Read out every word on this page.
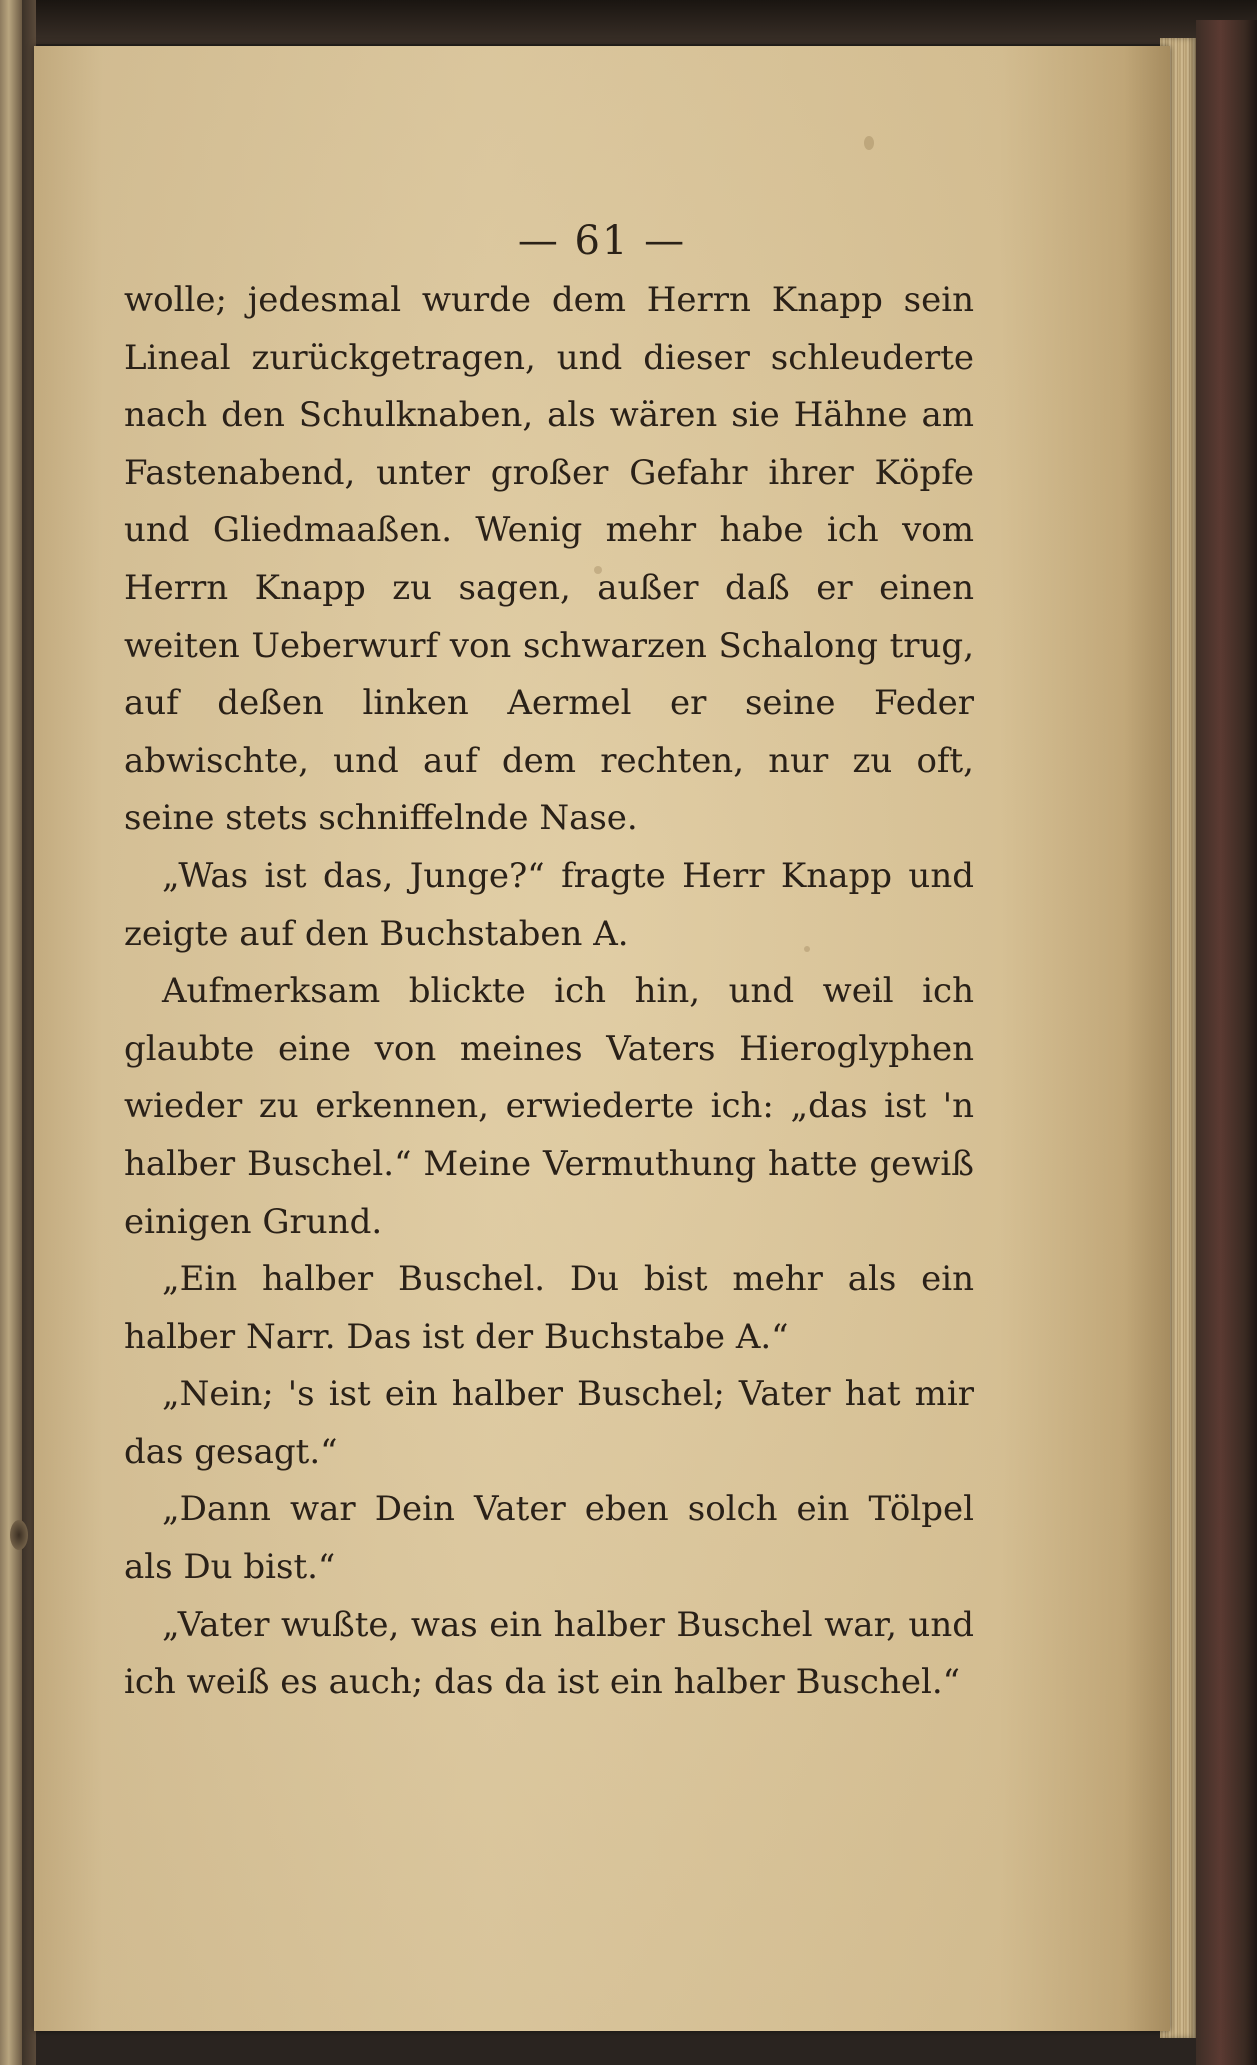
— 61 —

wolle; jedesmal wurde dem Herrn Knapp sein Lineal zurückgetragen, und dieser schleuderte nach den Schulknaben, als wären sie Hähne am Fastenabend, unter großer Gefahr ihrer Köpfe und Gliedmaaßen. Wenig mehr habe ich vom Herrn Knapp zu sagen, außer daß er einen weiten Ueberwurf von schwarzen Schalong trug, auf deßen linken Aermel er seine Feder abwischte, und auf dem rechten, nur zu oft, seine stets schniffelnde Nase.

„Was ist das, Junge?“ fragte Herr Knapp und zeigte auf den Buchstaben A.

Aufmerksam blickte ich hin, und weil ich glaubte eine von meines Vaters Hieroglyphen wieder zu erkennen, erwiederte ich: „das ist 'n halber Buschel.“ Meine Vermuthung hatte gewiß einigen Grund.

„Ein halber Buschel. Du bist mehr als ein halber Narr. Das ist der Buchstabe A.“

„Nein; 's ist ein halber Buschel; Vater hat mir das gesagt.“

„Dann war Dein Vater eben solch ein Tölpel als Du bist.“

„Vater wußte, was ein halber Buschel war, und ich weiß es auch; das da ist ein halber Buschel.“
